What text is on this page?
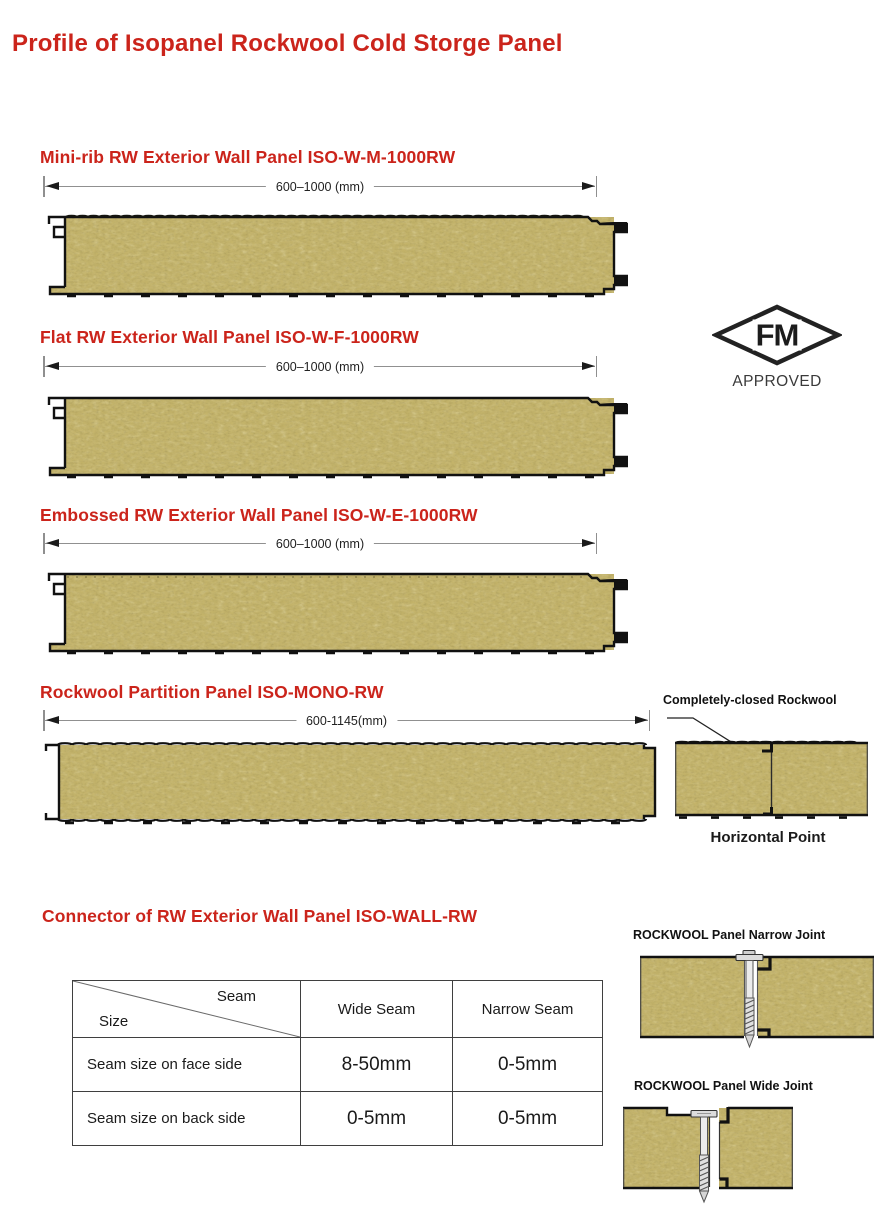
Profile of Isopanel Rockwool Cold Storge Panel
Mini-rib RW Exterior Wall Panel ISO-W-M-1000RW
600–1000 (mm)
FM
APPROVED
Flat RW Exterior Wall Panel ISO-W-F-1000RW
600–1000 (mm)
Embossed RW Exterior Wall Panel ISO-W-E-1000RW
600–1000 (mm)
Rockwool Partition Panel ISO-MONO-RW
600-1145(mm)
Completely-closed Rockwool
Horizontal Point
Connector of RW Exterior Wall Panel ISO-WALL-RW
Seam
Size	Wide Seam	Narrow Seam
Seam size on face side	8-50mm	0-5mm
Seam size on back side	0-5mm	0-5mm
ROCKWOOL Panel Narrow Joint
ROCKWOOL Panel Wide Joint
